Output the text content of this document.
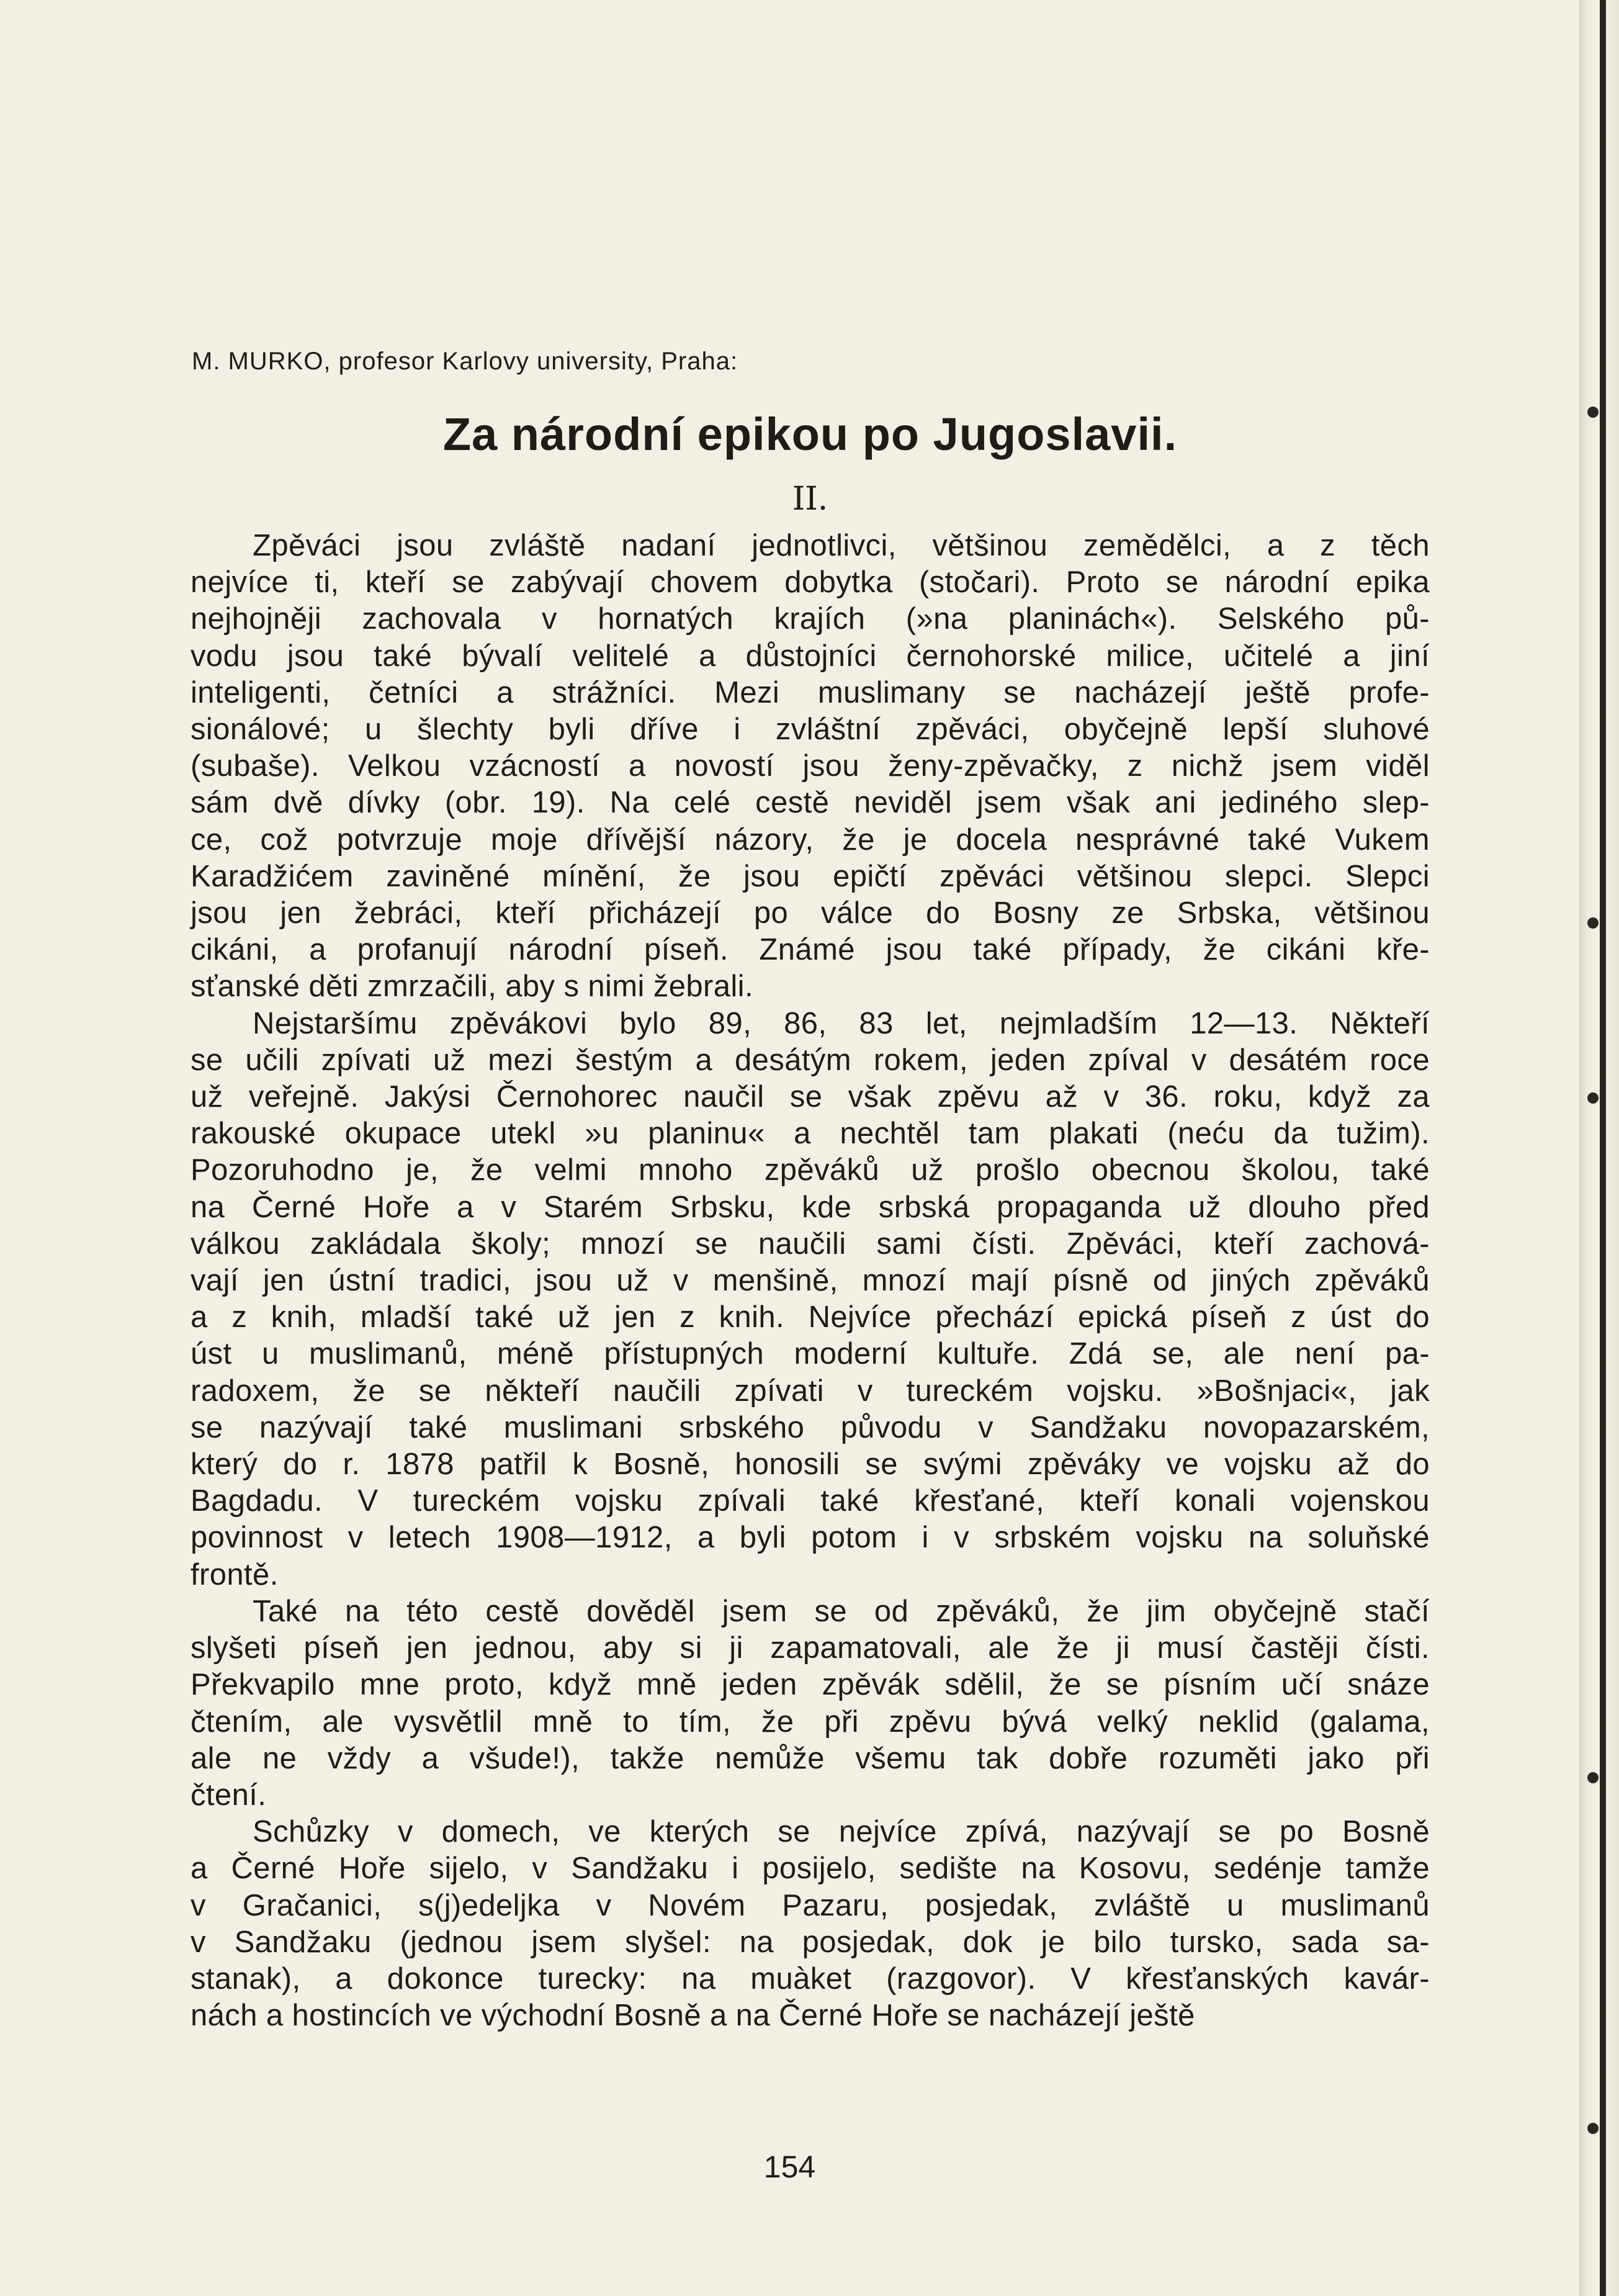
M. MURKO, profesor Karlovy university, Praha:
Za národní epikou po Jugoslavii.
II.

Zpěváci jsou zvláště nadaní jednotlivci, většinou zemědělci, a z těch
nejvíce ti, kteří se zabývají chovem dobytka (stočari). Proto se národní epika
nejhojněji zachovala v hornatých krajích (»na planinách«). Selského pů-
vodu jsou také bývalí velitelé a důstojníci černohorské milice, učitelé a jiní
inteligenti, četníci a strážníci. Mezi muslimany se nacházejí ještě profe-
sionálové; u šlechty byli dříve i zvláštní zpěváci, obyčejně lepší sluhové
(subaše). Velkou vzácností a novostí jsou ženy-zpěvačky, z nichž jsem viděl
sám dvě dívky (obr. 19). Na celé cestě neviděl jsem však ani jediného slep-
ce, což potvrzuje moje dřívější názory, že je docela nesprávné také Vukem
Karadžićem zaviněné mínění, že jsou epičtí zpěváci většinou slepci. Slepci
jsou jen žebráci, kteří přicházejí po válce do Bosny ze Srbska, většinou
cikáni, a profanují národní píseň. Známé jsou také případy, že cikáni kře-
sťanské děti zmrzačili, aby s nimi žebrali.

Nejstaršímu zpěvákovi bylo 89, 86, 83 let, nejmladším 12—13. Někteří
se učili zpívati už mezi šestým a desátým rokem, jeden zpíval v desátém roce
už veřejně. Jakýsi Černohorec naučil se však zpěvu až v 36. roku, když za
rakouské okupace utekl »u planinu« a nechtěl tam plakati (neću da tužim).
Pozoruhodno je, že velmi mnoho zpěváků už prošlo obecnou školou, také
na Černé Hoře a v Starém Srbsku, kde srbská propaganda už dlouho před
válkou zakládala školy; mnozí se naučili sami čísti. Zpěváci, kteří zachová-
vají jen ústní tradici, jsou už v menšině, mnozí mají písně od jiných zpěváků
a z knih, mladší také už jen z knih. Nejvíce přechází epická píseň z úst do
úst u muslimanů, méně přístupných moderní kultuře. Zdá se, ale není pa-
radoxem, že se někteří naučili zpívati v tureckém vojsku. »Bošnjaci«, jak
se nazývají také muslimani srbského původu v Sandžaku novopazarském,
který do r. 1878 patřil k Bosně, honosili se svými zpěváky ve vojsku až do
Bagdadu. V tureckém vojsku zpívali také křesťané, kteří konali vojenskou
povinnost v letech 1908—1912, a byli potom i v srbském vojsku na soluňské
frontě.

Také na této cestě dověděl jsem se od zpěváků, že jim obyčejně stačí
slyšeti píseň jen jednou, aby si ji zapamatovali, ale že ji musí častěji čísti.
Překvapilo mne proto, když mně jeden zpěvák sdělil, že se písním učí snáze
čtením, ale vysvětlil mně to tím, že při zpěvu bývá velký neklid (galama,
ale ne vždy a všude!), takže nemůže všemu tak dobře rozuměti jako při
čtení.

Schůzky v domech, ve kterých se nejvíce zpívá, nazývají se po Bosně
a Černé Hoře sijelo, v Sandžaku i posijelo, sedište na Kosovu, sedénje tamže
v Gračanici, s(j)edeljka v Novém Pazaru, posjedak, zvláště u muslimanů
v Sandžaku (jednou jsem slyšel: na posjedak, dok je bilo tursko, sada sa-
stanak), a dokonce turecky: na muàket (razgovor). V křesťanských kavár-
nách a hostincích ve východní Bosně a na Černé Hoře se nacházejí ještě

154
